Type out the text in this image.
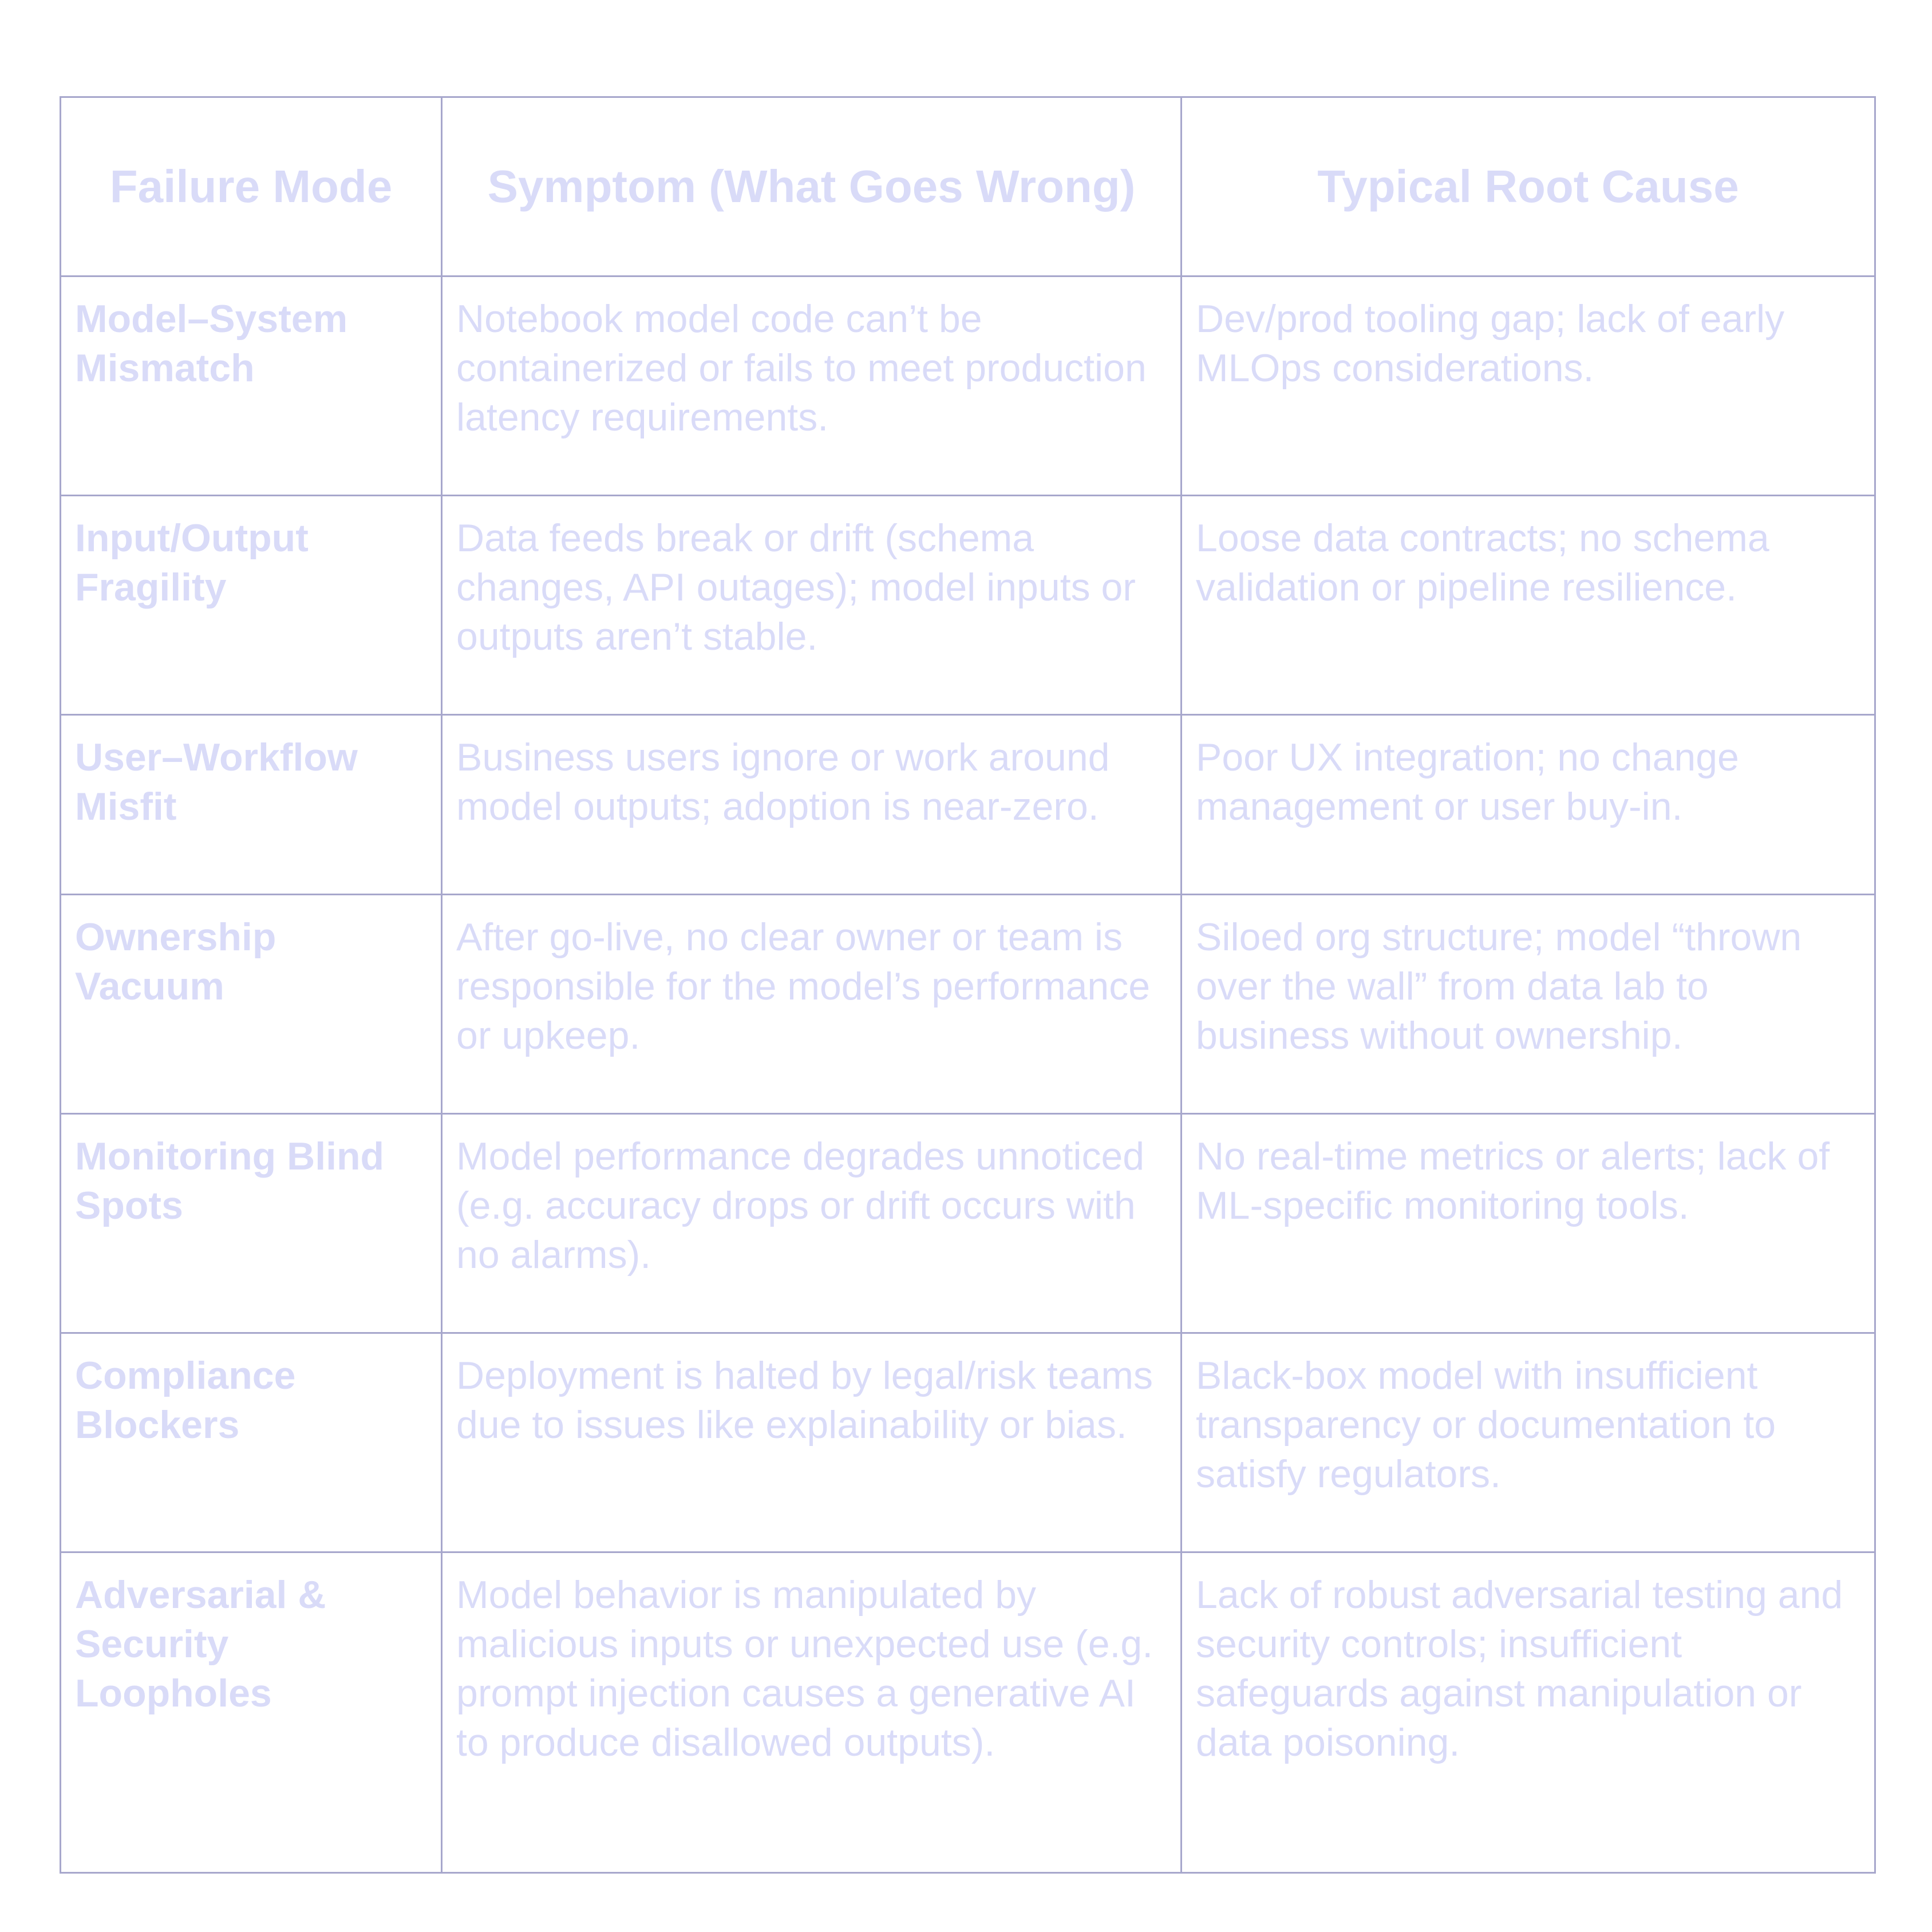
Failure Mode	Symptom (What Goes Wrong)	Typical Root Cause
Model–System Mismatch	Notebook model code can’t be containerized or fails to meet production latency requirements.	Dev/prod tooling gap; lack of early MLOps considerations.
Input/Output Fragility	Data feeds break or drift (schema changes, API outages); model inputs or outputs aren’t stable.	Loose data contracts; no schema validation or pipeline resilience.
User–Workflow Misfit	Business users ignore or work around model outputs; adoption is near-zero.	Poor UX integration; no change management or user buy-in.
Ownership Vacuum	After go-live, no clear owner or team is responsible for the model’s performance or upkeep.	Siloed org structure; model “thrown over the wall” from data lab to business without ownership.
Monitoring Blind Spots	Model performance degrades unnoticed (e.g. accuracy drops or drift occurs with no alarms).	No real-time metrics or alerts; lack of ML-specific monitoring tools.
Compliance Blockers	Deployment is halted by legal/risk teams due to issues like explainability or bias.	Black-box model with insufficient transparency or documentation to satisfy regulators.
Adversarial & Security Loopholes	Model behavior is manipulated by malicious inputs or unexpected use (e.g. prompt injection causes a generative AI to produce disallowed outputs).	Lack of robust adversarial testing and security controls; insufficient safeguards against manipulation or data poisoning.
